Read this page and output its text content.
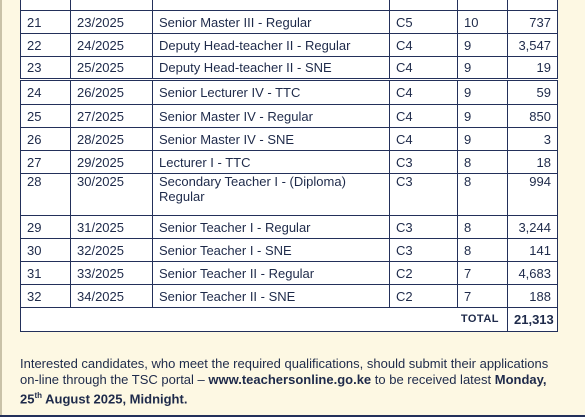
21	23/2025	Senior Master III - Regular	C5	10	737
22	24/2025	Deputy Head-teacher II - Regular	C4	9	3,547
23	25/2025	Deputy Head-teacher II - SNE	C4	9	19
24	26/2025	Senior Lecturer IV - TTC	C4	9	59
25	27/2025	Senior Master IV - Regular	C4	9	850
26	28/2025	Senior Master IV - SNE	C4	9	3
27	29/2025	Lecturer I - TTC	C3	8	18
28	30/2025	Secondary Teacher I - (Diploma) Regular	C3	8	994
29	31/2025	Senior Teacher I - Regular	C3	8	3,244
30	32/2025	Senior Teacher I - SNE	C3	8	141
31	33/2025	Senior Teacher II - Regular	C2	7	4,683
32	34/2025	Senior Teacher II - SNE	C2	7	188
				TOTAL	21,313
Interested candidates, who meet the required qualifications, should submit their applications on-line through the TSC portal – www.teachersonline.go.ke to be received latest Monday, 25th August 2025, Midnight.
